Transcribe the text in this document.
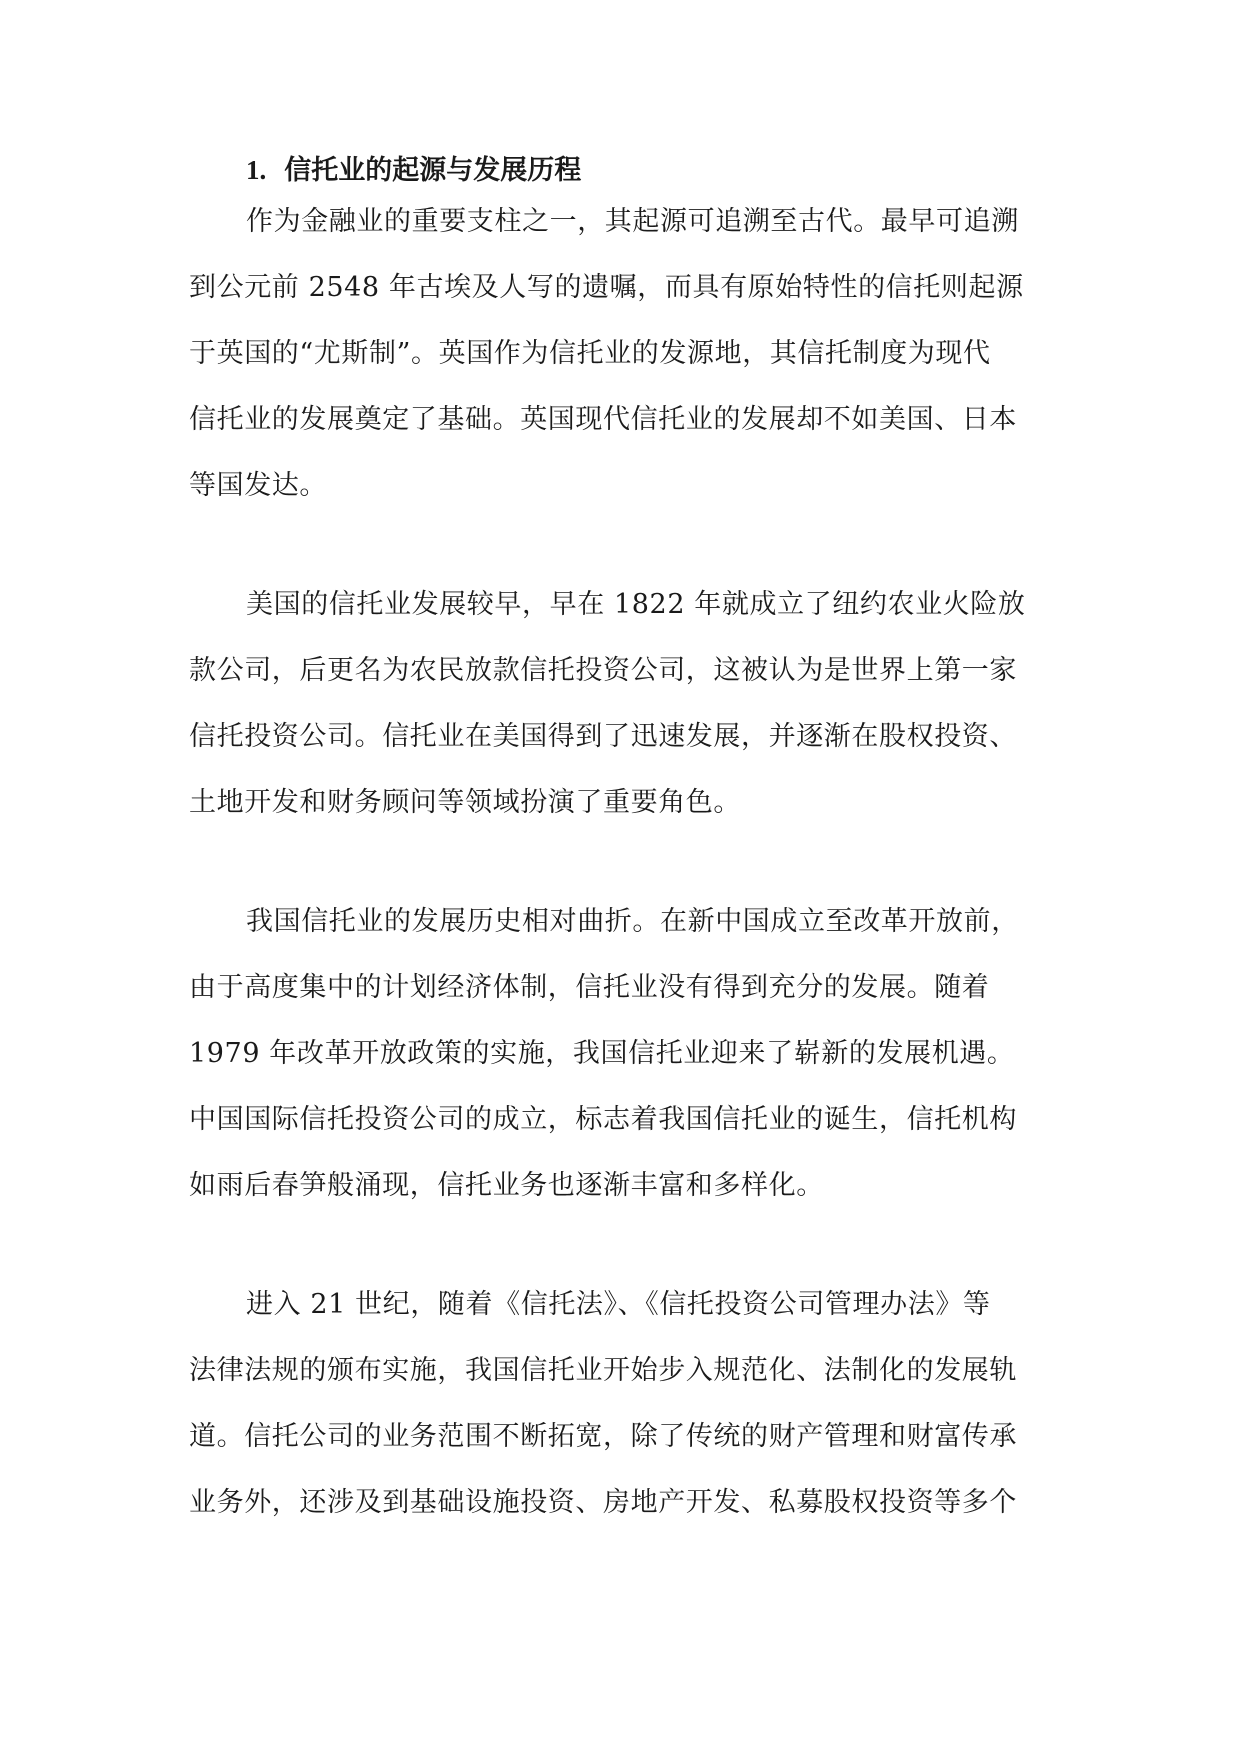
1. 信托业的起源与发展历程
作为金融业的重要支柱之一，其起源可追溯至古代。最早可追溯
到公元前 2548 年古埃及人写的遗嘱，而具有原始特性的信托则起源
于英国的“尤斯制”。英国作为信托业的发源地，其信托制度为现代
信托业的发展奠定了基础。英国现代信托业的发展却不如美国、日本
等国发达。
美国的信托业发展较早，早在 1822 年就成立了纽约农业火险放
款公司，后更名为农民放款信托投资公司，这被认为是世界上第一家
信托投资公司。信托业在美国得到了迅速发展，并逐渐在股权投资、
土地开发和财务顾问等领域扮演了重要角色。
我国信托业的发展历史相对曲折。在新中国成立至改革开放前，
由于高度集中的计划经济体制，信托业没有得到充分的发展。随着
1979 年改革开放政策的实施，我国信托业迎来了崭新的发展机遇。
中国国际信托投资公司的成立，标志着我国信托业的诞生，信托机构
如雨后春笋般涌现，信托业务也逐渐丰富和多样化。
进入 21 世纪，随着《信托法》、《信托投资公司管理办法》等
法律法规的颁布实施，我国信托业开始步入规范化、法制化的发展轨
道。信托公司的业务范围不断拓宽，除了传统的财产管理和财富传承
业务外，还涉及到基础设施投资、房地产开发、私募股权投资等多个
